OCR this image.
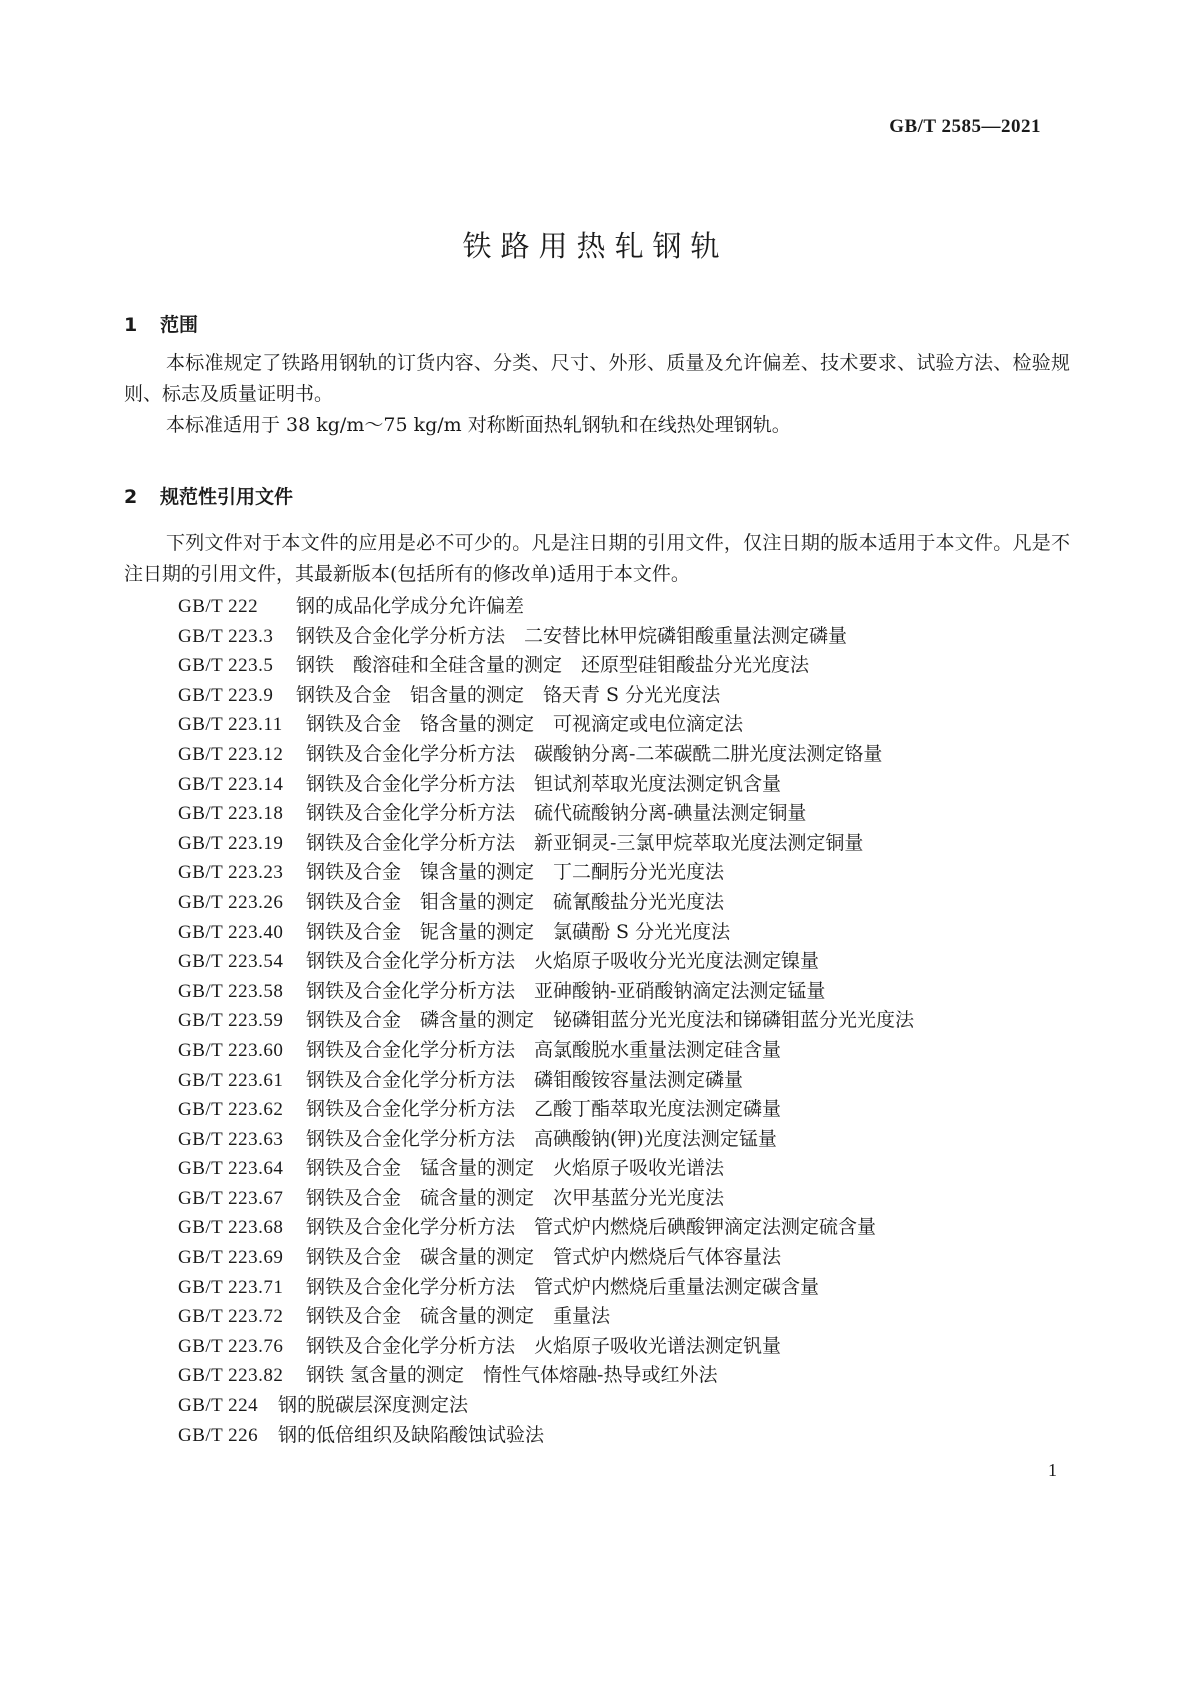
GB/T 2585—2021
铁路用热轧钢轨
1 范围

本标准规定了铁路用钢轨的订货内容、分类、尺寸、外形、质量及允许偏差、技术要求、试验方法、检验规则、标志及质量证明书。

本标准适用于 38 kg/m～75 kg/m 对称断面热轧钢轨和在线热处理钢轨。

2 规范性引用文件

下列文件对于本文件的应用是必不可少的。凡是注日期的引用文件，仅注日期的版本适用于本文件。凡是不注日期的引用文件，其最新版本(包括所有的修改单)适用于本文件。

GB/T 222 钢的成品化学成分允许偏差
GB/T 223.3 钢铁及合金化学分析方法　二安替比林甲烷磷钼酸重量法测定磷量
GB/T 223.5 钢铁　酸溶硅和全硅含量的测定　还原型硅钼酸盐分光光度法
GB/T 223.9 钢铁及合金　铝含量的测定　铬天青 S 分光光度法
GB/T 223.11 钢铁及合金　铬含量的测定　可视滴定或电位滴定法
GB/T 223.12 钢铁及合金化学分析方法　碳酸钠分离-二苯碳酰二肼光度法测定铬量
GB/T 223.14 钢铁及合金化学分析方法　钽试剂萃取光度法测定钒含量
GB/T 223.18 钢铁及合金化学分析方法　硫代硫酸钠分离-碘量法测定铜量
GB/T 223.19 钢铁及合金化学分析方法　新亚铜灵-三氯甲烷萃取光度法测定铜量
GB/T 223.23 钢铁及合金　镍含量的测定　丁二酮肟分光光度法
GB/T 223.26 钢铁及合金　钼含量的测定　硫氰酸盐分光光度法
GB/T 223.40 钢铁及合金　铌含量的测定　氯磺酚 S 分光光度法
GB/T 223.54 钢铁及合金化学分析方法　火焰原子吸收分光光度法测定镍量
GB/T 223.58 钢铁及合金化学分析方法　亚砷酸钠-亚硝酸钠滴定法测定锰量
GB/T 223.59 钢铁及合金　磷含量的测定　铋磷钼蓝分光光度法和锑磷钼蓝分光光度法
GB/T 223.60 钢铁及合金化学分析方法　高氯酸脱水重量法测定硅含量
GB/T 223.61 钢铁及合金化学分析方法　磷钼酸铵容量法测定磷量
GB/T 223.62 钢铁及合金化学分析方法　乙酸丁酯萃取光度法测定磷量
GB/T 223.63 钢铁及合金化学分析方法　高碘酸钠(钾)光度法测定锰量
GB/T 223.64 钢铁及合金　锰含量的测定　火焰原子吸收光谱法
GB/T 223.67 钢铁及合金　硫含量的测定　次甲基蓝分光光度法
GB/T 223.68 钢铁及合金化学分析方法　管式炉内燃烧后碘酸钾滴定法测定硫含量
GB/T 223.69 钢铁及合金　碳含量的测定　管式炉内燃烧后气体容量法
GB/T 223.71 钢铁及合金化学分析方法　管式炉内燃烧后重量法测定碳含量
GB/T 223.72 钢铁及合金　硫含量的测定　重量法
GB/T 223.76 钢铁及合金化学分析方法　火焰原子吸收光谱法测定钒量
GB/T 223.82 钢铁 氢含量的测定　惰性气体熔融-热导或红外法
GB/T 224 钢的脱碳层深度测定法
GB/T 226 钢的低倍组织及缺陷酸蚀试验法
1
